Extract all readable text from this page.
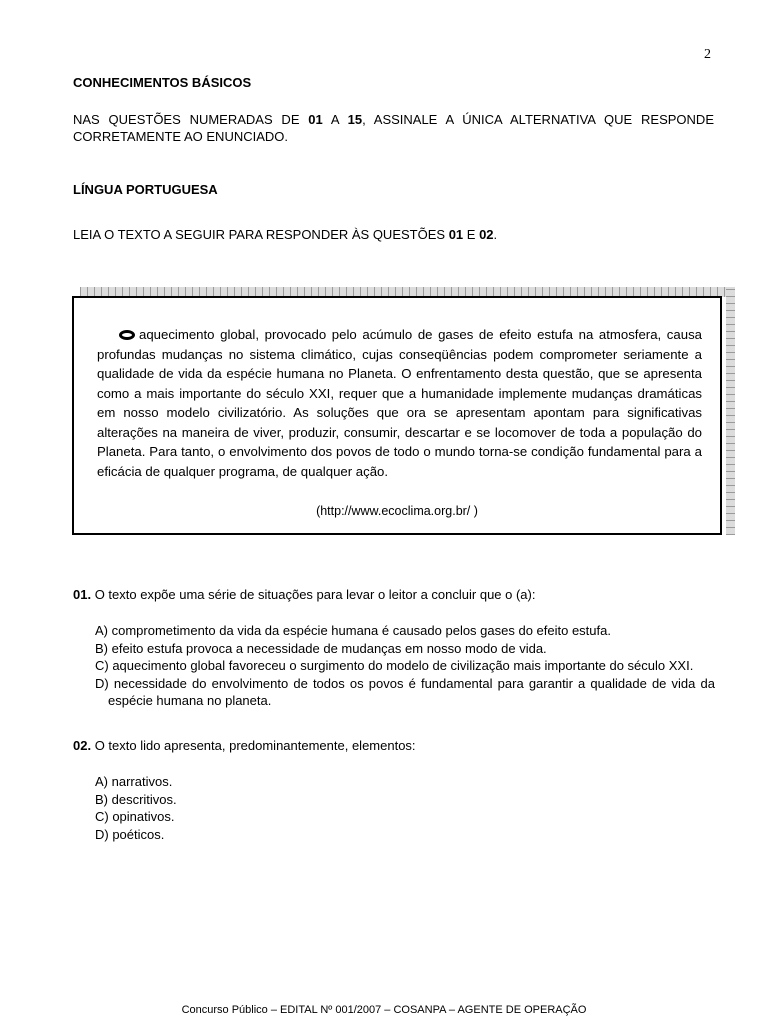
2
CONHECIMENTOS BÁSICOS
NAS QUESTÕES NUMERADAS DE 01 A 15, ASSINALE A ÚNICA ALTERNATIVA QUE RESPONDE
CORRETAMENTE AO ENUNCIADO.
LÍNGUA PORTUGUESA
LEIA O TEXTO A SEGUIR PARA RESPONDER ÀS QUESTÕES 01 E 02.
aquecimento global, provocado pelo acúmulo de gases de efeito estufa na atmosfera, causa profundas mudanças no sistema climático, cujas conseqüências podem comprometer seriamente a qualidade de vida da espécie humana no Planeta. O enfrentamento desta questão, que se apresenta como a mais importante do século XXI, requer que a humanidade implemente mudanças dramáticas em nosso modelo civilizatório. As soluções que ora se apresentam apontam para significativas alterações na maneira de viver, produzir, consumir, descartar e se locomover de toda a população do Planeta. Para tanto, o envolvimento dos povos de todo o mundo torna-se condição fundamental para a eficácia de qualquer programa, de qualquer ação.
(http://www.ecoclima.org.br/ )
01. O texto expõe uma série de situações para levar o leitor a concluir que o (a):
A) comprometimento da vida da espécie humana é causado pelos gases do efeito estufa.
B) efeito estufa provoca a necessidade de mudanças em nosso modo de vida.
C) aquecimento global favoreceu o surgimento do modelo de civilização mais importante do século XXI.
D) necessidade do envolvimento de todos os povos é fundamental para garantir a qualidade de vida da
espécie humana no planeta.
02. O texto lido apresenta, predominantemente, elementos:
A) narrativos.
B) descritivos.
C) opinativos.
D) poéticos.
Concurso Público – EDITAL Nº 001/2007 – COSANPA – AGENTE DE OPERAÇÃO
